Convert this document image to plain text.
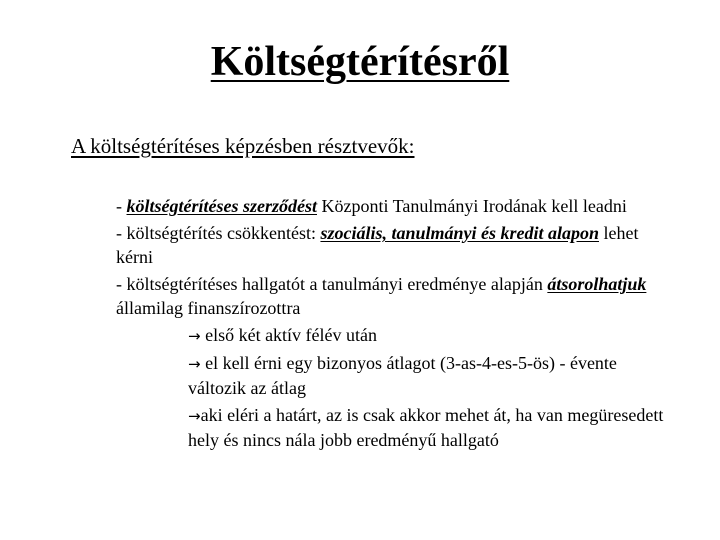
Költségtérítésről
A költségtérítéses képzésben résztvevők:

- költségtérítéses szerződést Központi Tanulmányi Irodának kell leadni

- költségtérítés csökkentést: szociális, tanulmányi és kredit alapon lehet kérni

- költségtérítéses hallgatót a tanulmányi eredménye alapján átsorolhatjuk államilag finanszírozottra

→ első két aktív félév után

→ el kell érni egy bizonyos átlagot (3-as-4-es-5-ös) - évente változik az átlag

→aki eléri a határt, az is csak akkor mehet át, ha van megüresedett hely és nincs nála jobb eredményű hallgató
